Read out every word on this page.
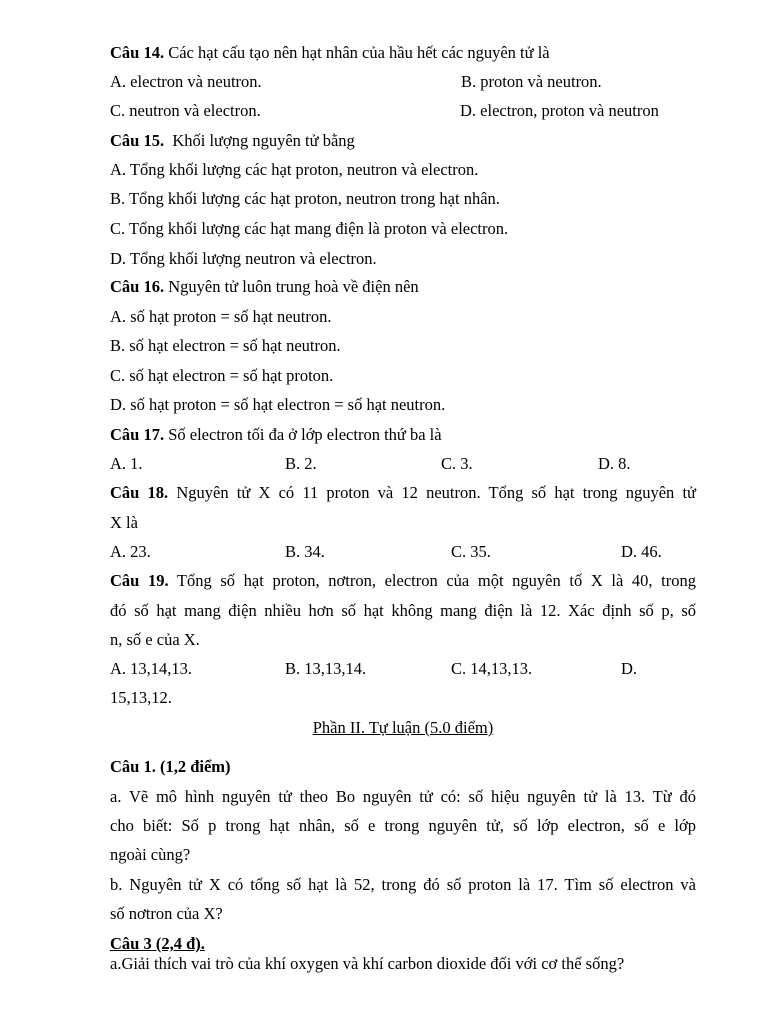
Câu 14. Các hạt cấu tạo nên hạt nhân của hầu hết các nguyên tử là
A. electron và neutron.	B. proton và neutron.
C. neutron và electron.	D. electron, proton và neutron
Câu 15.  Khối lượng nguyên tử bằng
A. Tổng khối lượng các hạt proton, neutron và electron.
B. Tổng khối lượng các hạt proton, neutron trong hạt nhân.
C. Tổng khối lượng các hạt mang điện là proton và electron.
D. Tổng khối lượng neutron và electron.
Câu 16. Nguyên tử luôn trung hoà về điện nên
A. số hạt proton = số hạt neutron.
B. số hạt electron = số hạt neutron.
C. số hạt electron = số hạt proton.
D. số hạt proton = số hạt electron = số hạt neutron.
Câu 17. Số electron tối đa ở lớp electron thứ ba là
A. 1.	B. 2.	C. 3.	D. 8.
Câu 18. Nguyên tử X có 11 proton và 12 neutron. Tổng số hạt trong nguyên tử
X là
A. 23.	B. 34.	C. 35.	D. 46.
Câu 19. Tổng số hạt proton, nơtron, electron của một nguyên tố X là 40, trong
đó số hạt mang điện nhiều hơn số hạt không mang điện là 12. Xác định số p, số
n, số e của X.
A. 13,14,13.	B. 13,13,14.	C. 14,13,13.	D.
15,13,12.
Phần II. Tự luận (5.0 điểm)
Câu 1. (1,2 điểm)
a. Vẽ mô hình nguyên tử theo Bo nguyên tử có: số hiệu nguyên tử là 13. Từ đó
cho biết: Số p trong hạt nhân, số e trong nguyên tử, số lớp electron, số e lớp
ngoài cùng?
b. Nguyên tử X có tổng số hạt là 52, trong đó số proton là 17. Tìm số electron và
số nơtron của X?
Câu 3 (2,4 đ).
a.Giải thích vai trò của khí oxygen và khí carbon dioxide đối với cơ thể sống?
